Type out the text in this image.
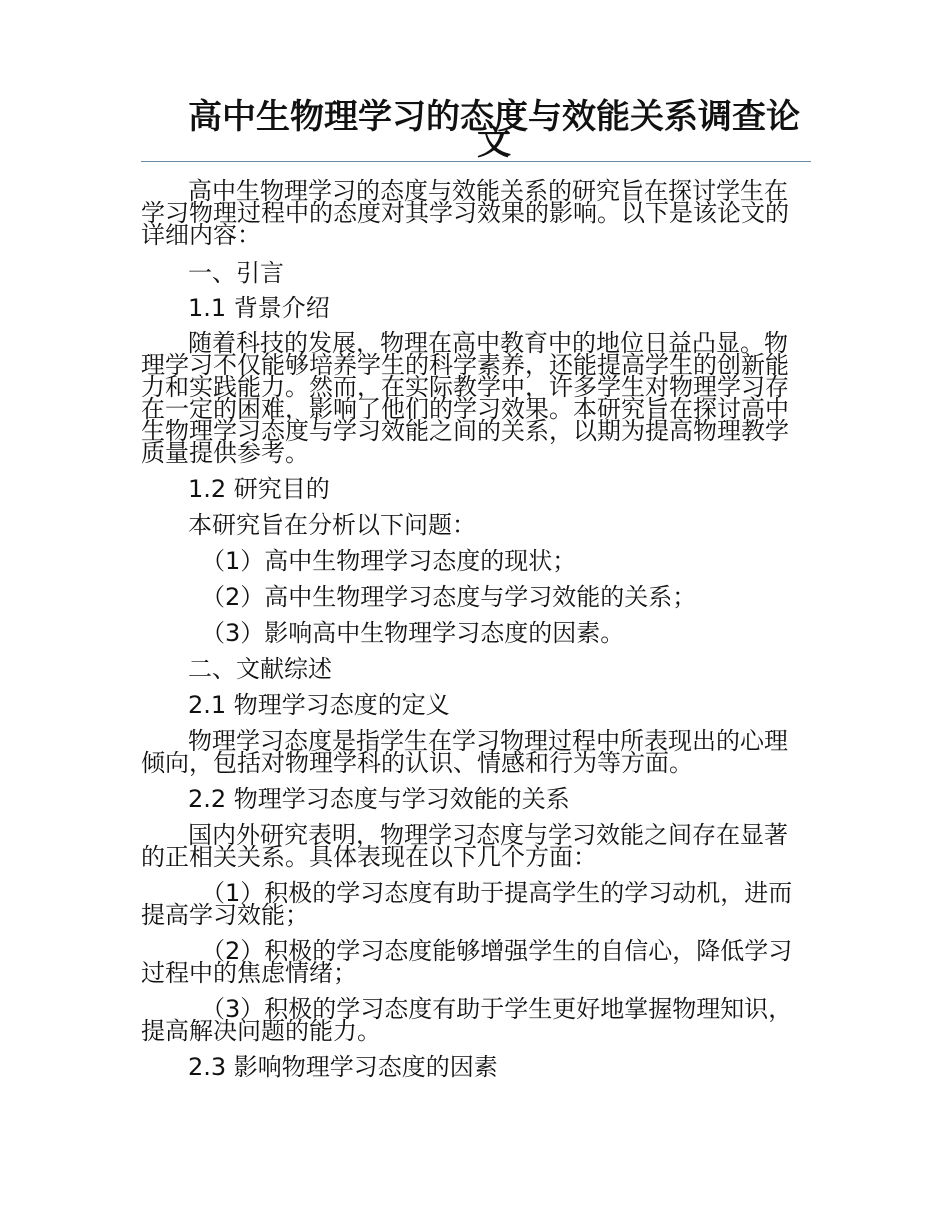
高中生物理学习的态度与效能关系调查论文

高中生物理学习的态度与效能关系的研究旨在探讨学生在学习物理过程中的态度对其学习效果的影响。以下是该论文的详细内容：

一、引言

1.1 背景介绍

随着科技的发展，物理在高中教育中的地位日益凸显。物理学习不仅能够培养学生的科学素养，还能提高学生的创新能力和实践能力。然而，在实际教学中，许多学生对物理学习存在一定的困难，影响了他们的学习效果。本研究旨在探讨高中生物理学习态度与学习效能之间的关系，以期为提高物理教学质量提供参考。

1.2 研究目的

本研究旨在分析以下问题：

（1）高中生物理学习态度的现状；

（2）高中生物理学习态度与学习效能的关系；

（3）影响高中生物理学习态度的因素。

二、文献综述

2.1 物理学习态度的定义

物理学习态度是指学生在学习物理过程中所表现出的心理倾向，包括对物理学科的认识、情感和行为等方面。

2.2 物理学习态度与学习效能的关系

国内外研究表明，物理学习态度与学习效能之间存在显著的正相关关系。具体表现在以下几个方面：

（1）积极的学习态度有助于提高学生的学习动机，进而提高学习效能；

（2）积极的学习态度能够增强学生的自信心，降低学习过程中的焦虑情绪；

（3）积极的学习态度有助于学生更好地掌握物理知识，提高解决问题的能力。

2.3 影响物理学习态度的因素
